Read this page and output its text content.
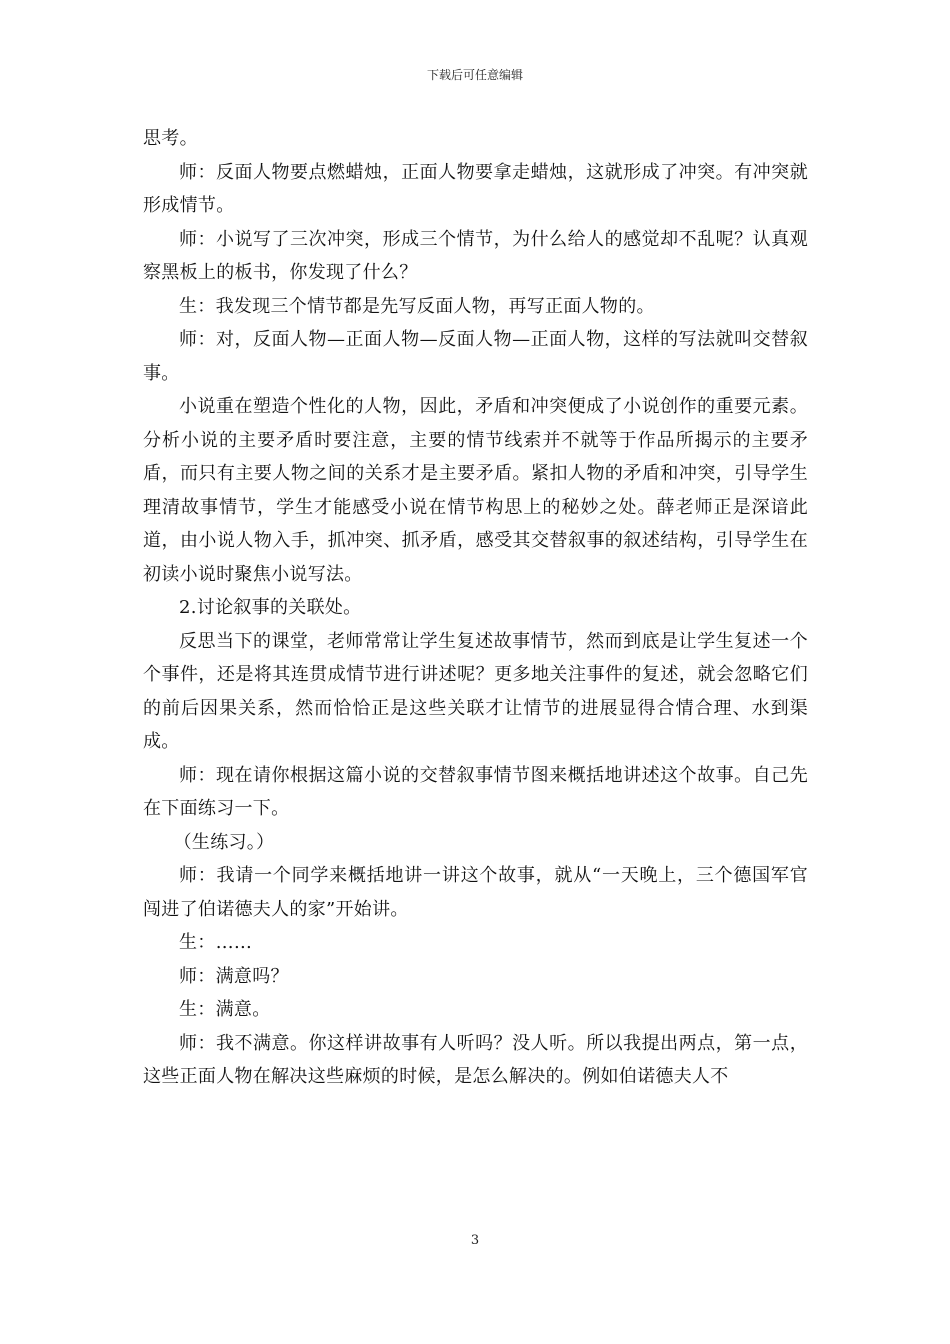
下载后可任意编辑

思考。

师：反面人物要点燃蜡烛，正面人物要拿走蜡烛，这就形成了冲突。有冲突就形成情节。

师：小说写了三次冲突，形成三个情节，为什么给人的感觉却不乱呢？认真观察黑板上的板书，你发现了什么？

生：我发现三个情节都是先写反面人物，再写正面人物的。

师：对，反面人物—正面人物—反面人物—正面人物，这样的写法就叫交替叙事。

小说重在塑造个性化的人物，因此，矛盾和冲突便成了小说创作的重要元素。分析小说的主要矛盾时要注意，主要的情节线索并不就等于作品所揭示的主要矛盾，而只有主要人物之间的关系才是主要矛盾。紧扣人物的矛盾和冲突，引导学生理清故事情节，学生才能感受小说在情节构思上的秘妙之处。薛老师正是深谙此道，由小说人物入手，抓冲突、抓矛盾，感受其交替叙事的叙述结构，引导学生在初读小说时聚焦小说写法。

2.讨论叙事的关联处。

反思当下的课堂，老师常常让学生复述故事情节，然而到底是让学生复述一个个事件，还是将其连贯成情节进行讲述呢？更多地关注事件的复述，就会忽略它们的前后因果关系，然而恰恰正是这些关联才让情节的进展显得合情合理、水到渠成。

师：现在请你根据这篇小说的交替叙事情节图来概括地讲述这个故事。自己先在下面练习一下。

（生练习。）

师：我请一个同学来概括地讲一讲这个故事，就从“一天晚上，三个德国军官闯进了伯诺德夫人的家”开始讲。

生：……

师：满意吗？

生：满意。

师：我不满意。你这样讲故事有人听吗？没人听。所以我提出两点，第一点，这些正面人物在解决这些麻烦的时候，是怎么解决的。例如伯诺德夫人不

3
